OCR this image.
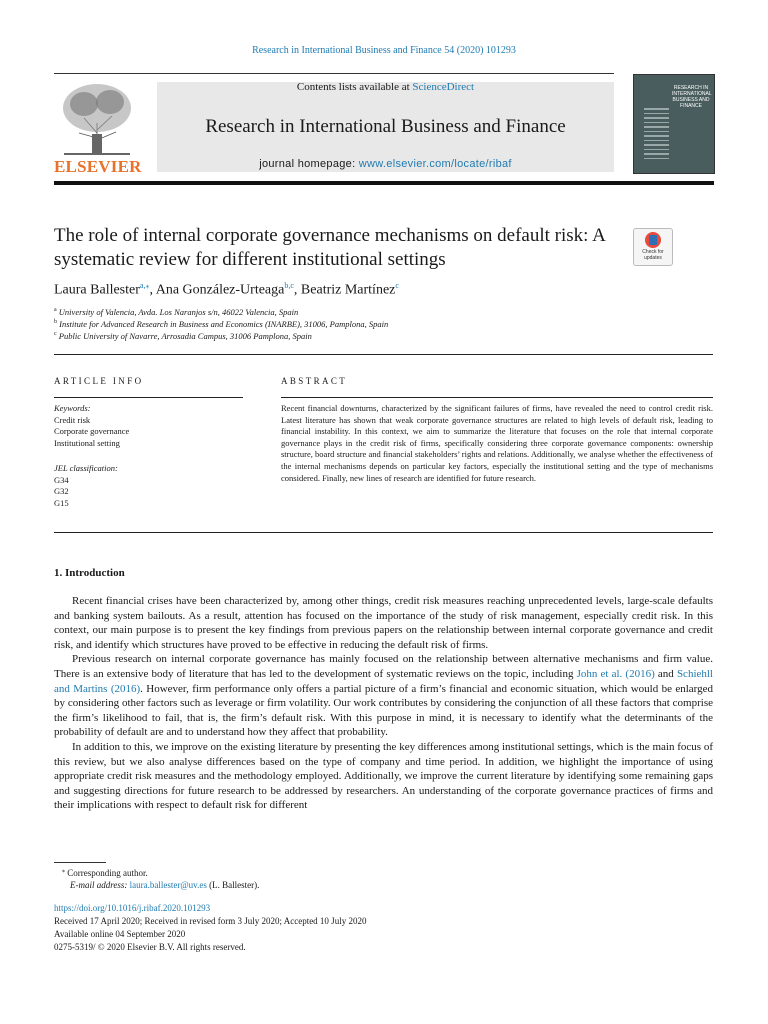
Research in International Business and Finance 54 (2020) 101293
ELSEVIER
Contents lists available at ScienceDirect
Research in International Business and Finance
journal homepage: www.elsevier.com/locate/ribaf
RESEARCH IN INTERNATIONAL BUSINESS AND FINANCE
The role of internal corporate governance mechanisms on default risk: A systematic review for different institutional settings	Check for updates
Laura Ballester$^{a,⁎}$, Ana González-Urteaga$^{b,c}$, Beatriz Martínez$^c$
$^a$ University of Valencia, Avda. Los Naranjos s/n, 46022 Valencia, Spain
$^b$ Institute for Advanced Research in Business and Economics (INARBE), 31006, Pamplona, Spain
$^c$ Public University of Navarre, Arrosadia Campus, 31006 Pamplona, Spain
ARTICLE INFO
Keywords:
Credit risk
Corporate governance
Institutional setting
JEL classification:
G34
G32
G15
ABSTRACT
Recent financial downturns, characterized by the significant failures of firms, have revealed the need to control credit risk. Latest literature has shown that weak corporate governance structures are related to high levels of default risk, leading to financial instability. In this context, we aim to summarize the literature that focuses on the role that internal corporate governance plays in the credit risk of firms, specifically considering three corporate governance components: ownership structure, board structure and financial stakeholders’ rights and relations. Additionally, we analyse whether the effectiveness of the internal mechanisms depends on particular key factors, especially the institutional setting and the type of mechanisms considered. Finally, new lines of research are identified for future research.
1. Introduction

Recent financial crises have been characterized by, among other things, credit risk measures reaching unprecedented levels, large-scale defaults and banking system bailouts. As a result, attention has focused on the importance of the study of risk management, especially credit risk. In this context, our main purpose is to present the key findings from previous papers on the relationship between internal corporate governance and credit risk, and identify which structures have proved to be effective in reducing the default risk of firms.

Previous research on internal corporate governance has mainly focused on the relationship between alternative mechanisms and firm value. There is an extensive body of literature that has led to the development of systematic reviews on the topic, including John et al. (2016) and Schiehll and Martins (2016). However, firm performance only offers a partial picture of a firm’s financial and economic situation, which would be enlarged by considering other factors such as leverage or firm volatility. Our work contributes by considering the conjunction of all these factors that comprise the firm’s likelihood to fail, that is, the firm’s default risk. With this purpose in mind, it is necessary to identify what the determinants of the probability of default are and to understand how they affect that probability.

In addition to this, we improve on the existing literature by presenting the key differences among institutional settings, which is the main focus of this review, but we also analyse differences based on the type of company and time period. In addition, we highlight the importance of using appropriate credit risk measures and the methodology employed. Additionally, we improve the current literature by identifying some remaining gaps and suggesting directions for future research to be addressed by researchers. An understanding of the corporate governance practices of firms and their implications with respect to default risk for different

⁎ Corresponding author.
E-mail address: laura.ballester@uv.es (L. Ballester).
https://doi.org/10.1016/j.ribaf.2020.101293
Received 17 April 2020; Received in revised form 3 July 2020; Accepted 10 July 2020
Available online 04 September 2020
0275-5319/ © 2020 Elsevier B.V. All rights reserved.
